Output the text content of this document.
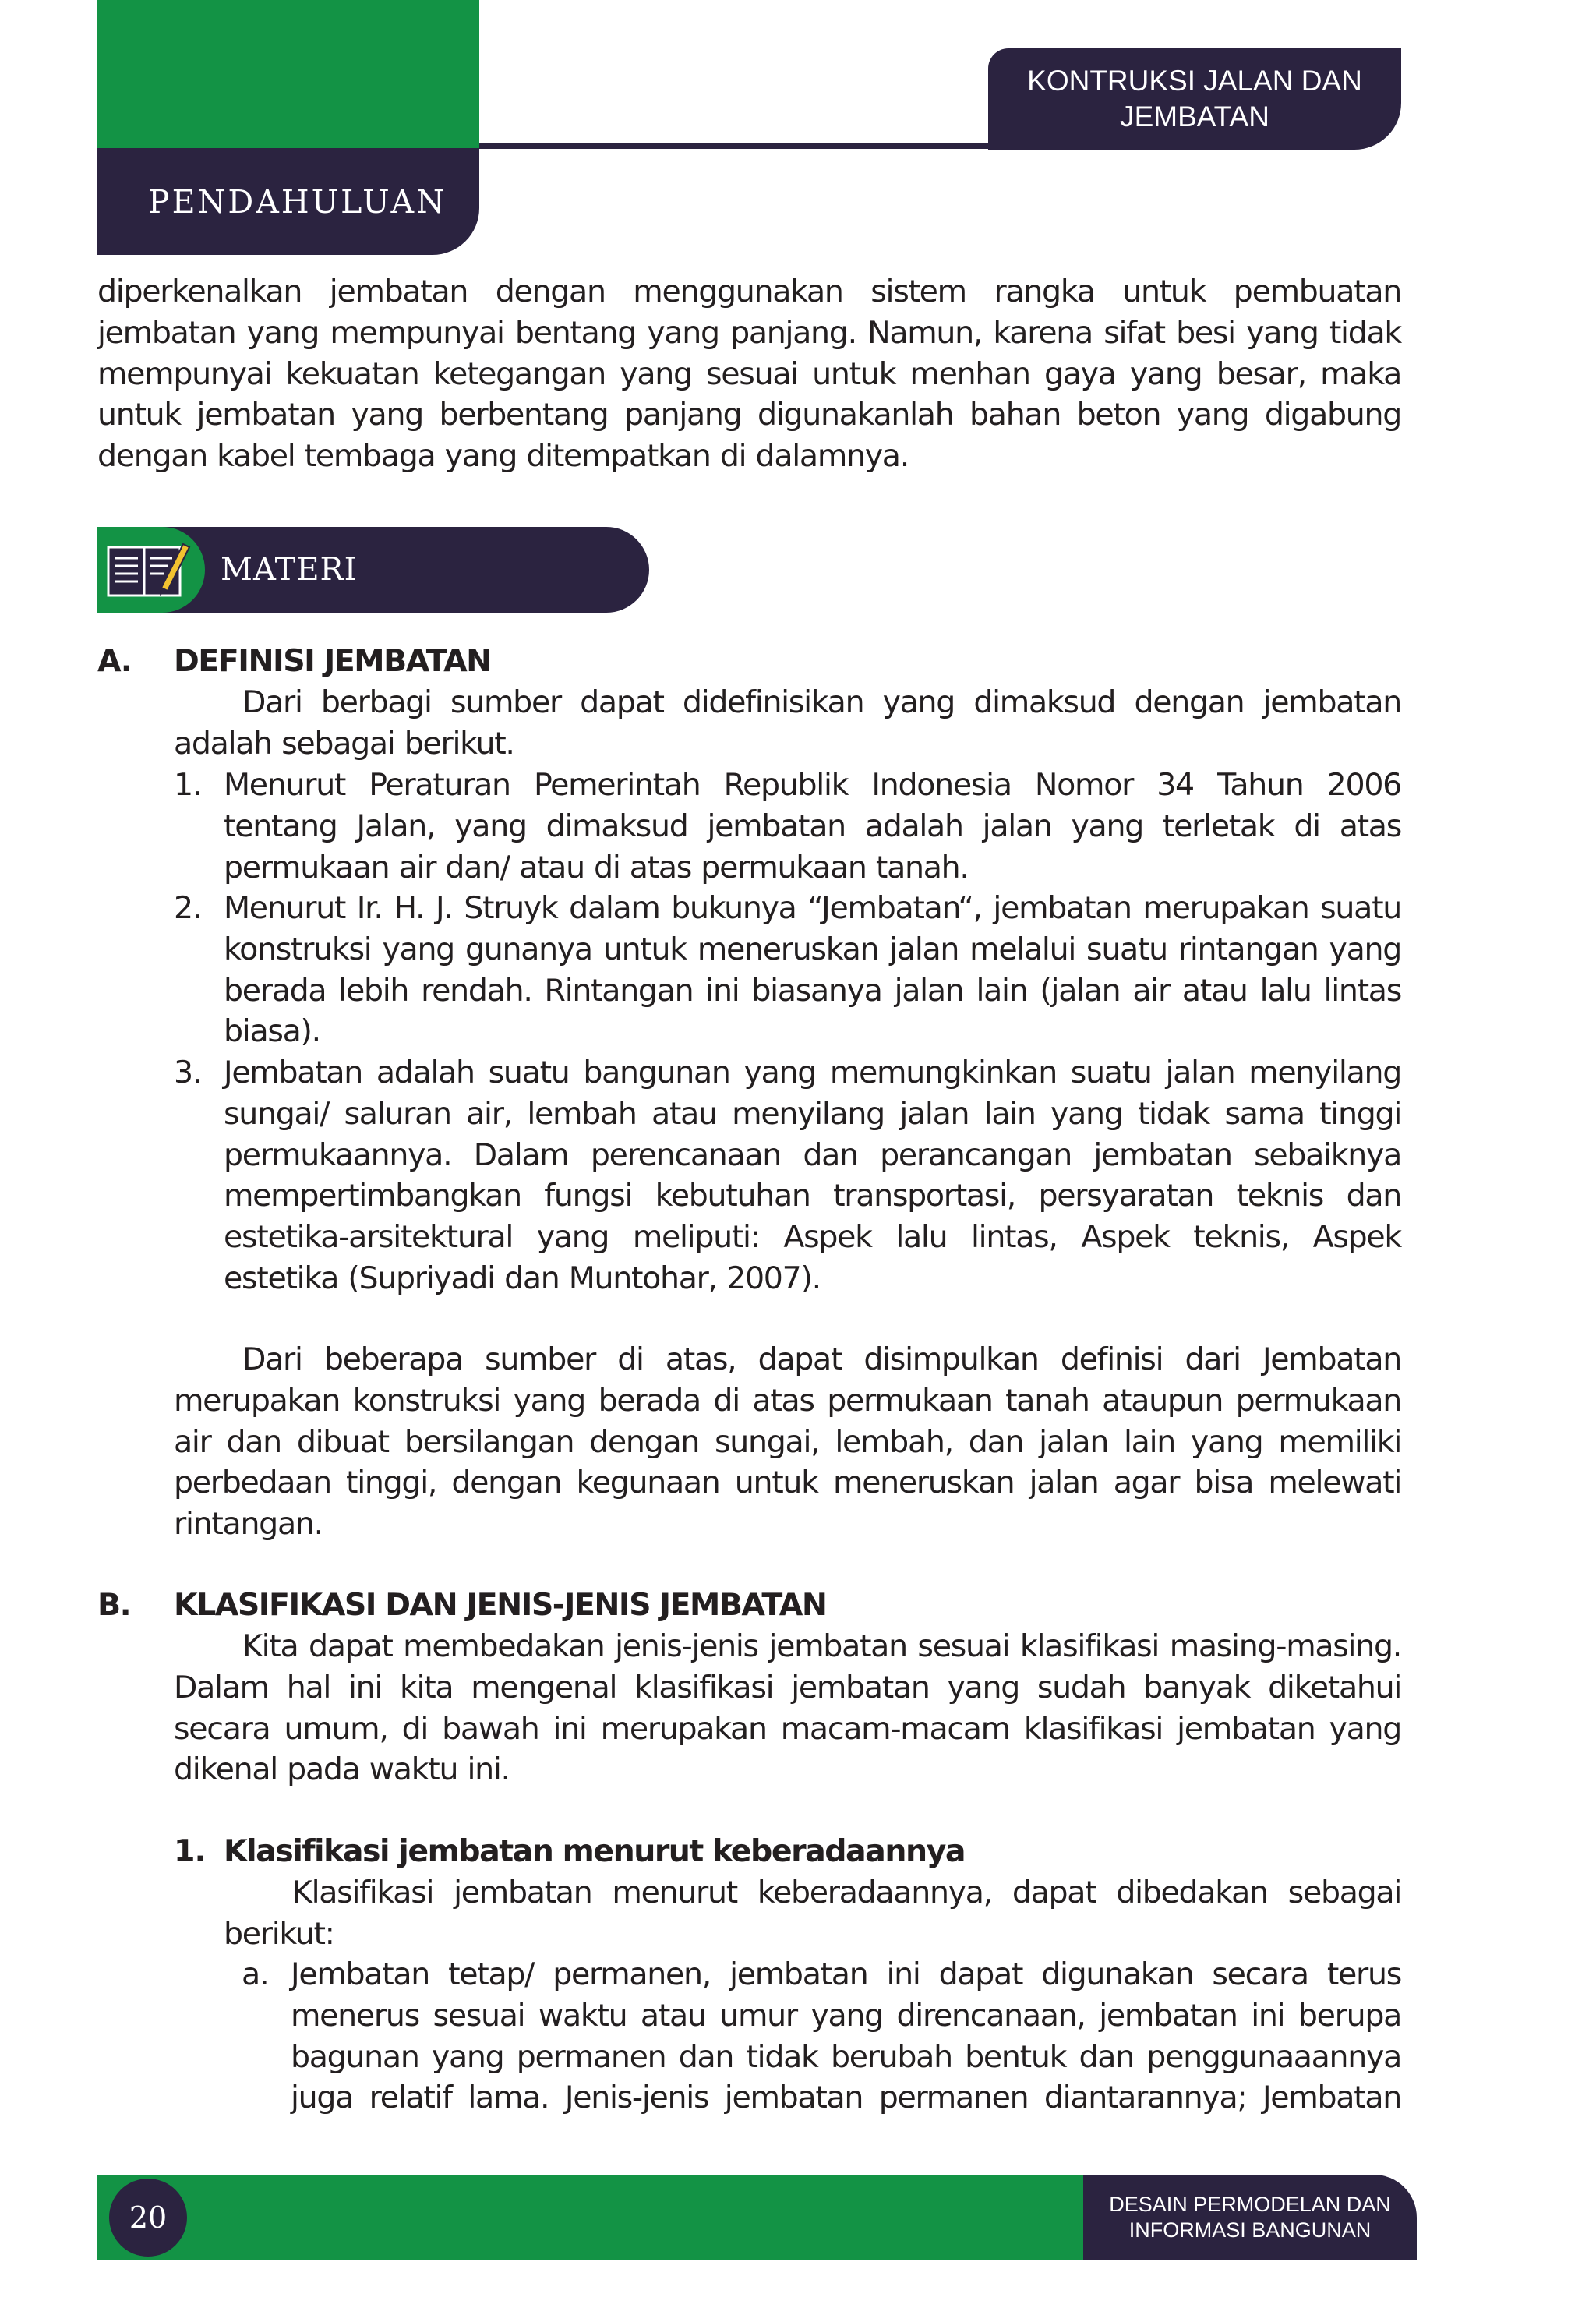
PENDAHULUAN
KONTRUKSI JALAN DAN
JEMBATAN
diperkenalkan jembatan dengan menggunakan sistem rangka untuk pembuatan jembatan yang mempunyai bentang yang panjang. Namun, karena sifat besi yang tidak mempunyai kekuatan ketegangan yang sesuai untuk menhan gaya yang besar, maka untuk jembatan yang berbentang panjang digunakanlah bahan beton yang digabung dengan kabel tembaga yang ditempatkan di dalamnya.
MATERI
A. DEFINISI JEMBATAN
Dari berbagi sumber dapat didefinisikan yang dimaksud dengan jembatan adalah sebagai berikut.
1. Menurut Peraturan Pemerintah Republik Indonesia Nomor 34 Tahun 2006 tentang Jalan, yang dimaksud jembatan adalah jalan yang terletak di atas permukaan air dan/ atau di atas permukaan tanah.
2. Menurut Ir. H. J. Struyk dalam bukunya “Jembatan“, jembatan merupakan suatu konstruksi yang gunanya untuk meneruskan jalan melalui suatu rintangan yang berada lebih rendah. Rintangan ini biasanya jalan lain (jalan air atau lalu lintas biasa).
3. Jembatan adalah suatu bangunan yang memungkinkan suatu jalan menyilang sungai/ saluran air, lembah atau menyilang jalan lain yang tidak sama tinggi permukaannya. Dalam perencanaan dan perancangan jembatan sebaiknya mempertimbangkan fungsi kebutuhan transportasi, persyaratan teknis dan estetika-arsitektural yang meliputi: Aspek lalu lintas, Aspek teknis, Aspek estetika (Supriyadi dan Muntohar, 2007).
Dari beberapa sumber di atas, dapat disimpulkan definisi dari Jembatan merupakan konstruksi yang berada di atas permukaan tanah ataupun permukaan air dan dibuat bersilangan dengan sungai, lembah, dan jalan lain yang memiliki perbedaan tinggi, dengan kegunaan untuk meneruskan jalan agar bisa melewati rintangan.
B. KLASIFIKASI DAN JENIS-JENIS JEMBATAN
Kita dapat membedakan jenis-jenis jembatan sesuai klasifikasi masing-masing. Dalam hal ini kita mengenal klasifikasi jembatan yang sudah banyak diketahui secara umum, di bawah ini merupakan macam-macam klasifikasi jembatan yang dikenal pada waktu ini.
1. Klasifikasi jembatan menurut keberadaannya
Klasifikasi jembatan menurut keberadaannya, dapat dibedakan sebagai berikut:
a. Jembatan tetap/ permanen, jembatan ini dapat digunakan secara terus menerus sesuai waktu atau umur yang direncanaan, jembatan ini berupa bagunan yang permanen dan tidak berubah bentuk dan penggunaaannya juga relatif lama. Jenis-jenis jembatan permanen diantarannya; Jembatan
20	DESAIN PERMODELAN DAN
INFORMASI BANGUNAN
